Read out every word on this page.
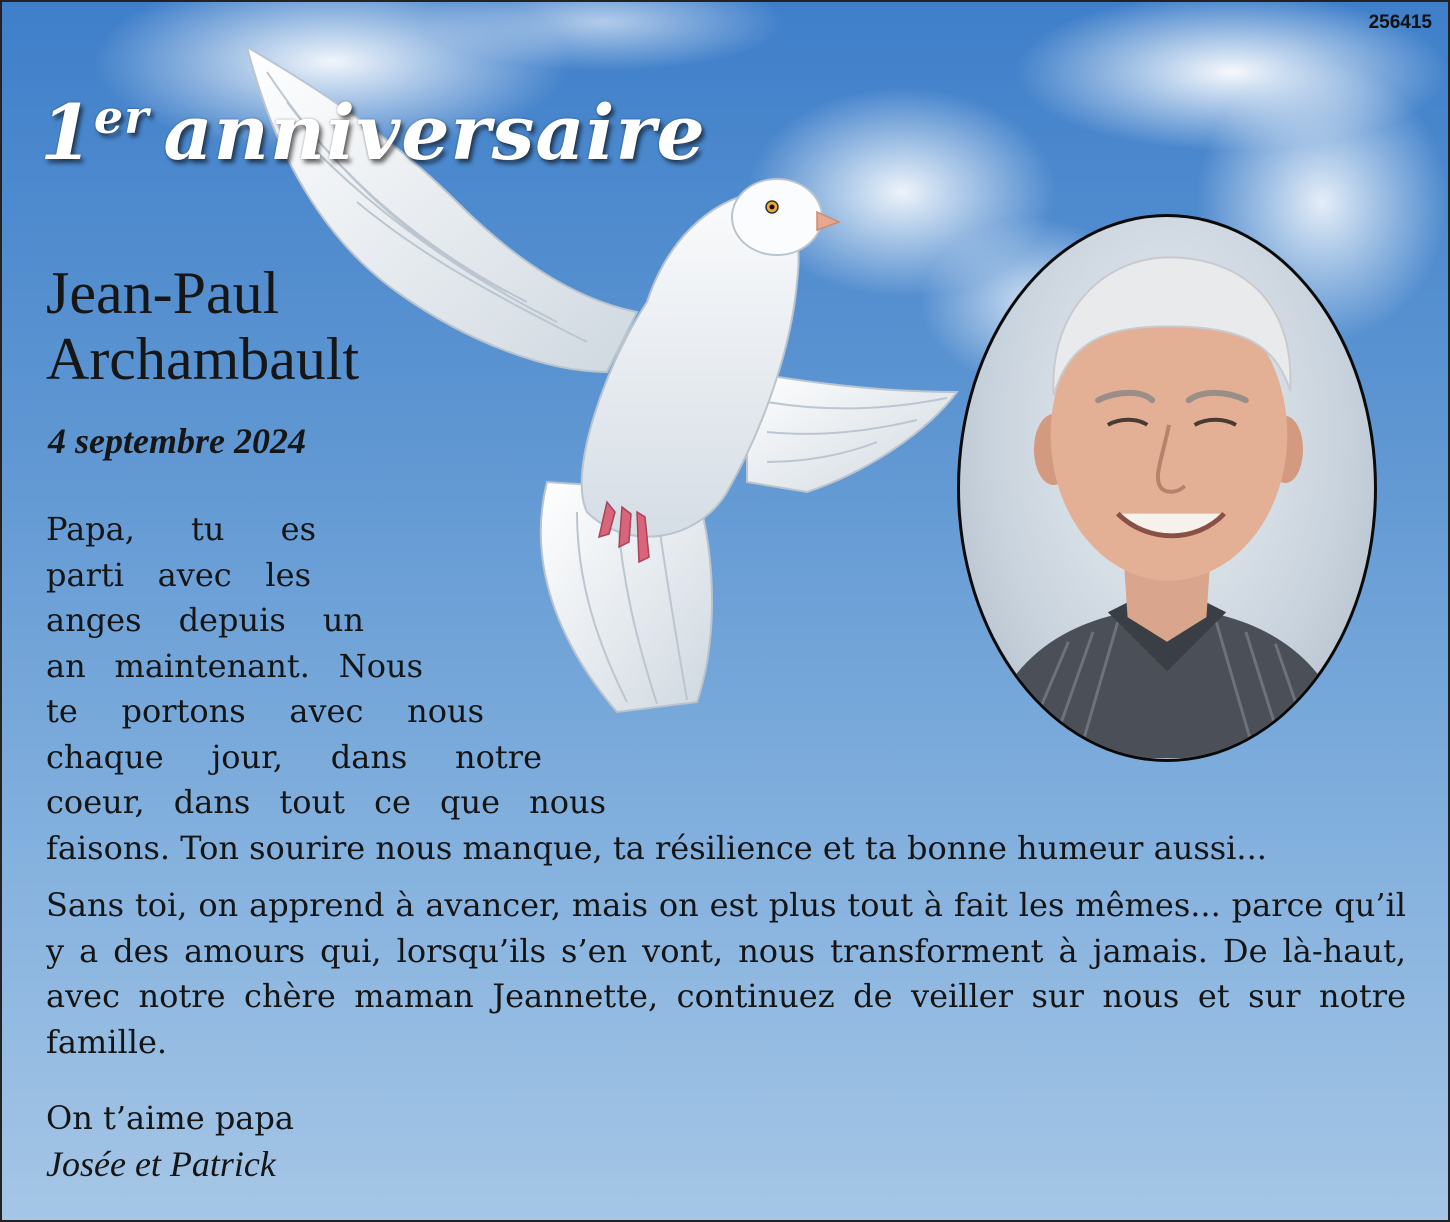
256415
1er anniversaire
Jean-Paul
Archambault
4 septembre 2024
Papa, tu es
parti avec les
anges depuis un
an maintenant. Nous
te portons avec nous
chaque jour, dans notre
coeur, dans tout ce que nous
faisons. Ton sourire nous manque, ta résilience et ta bonne humeur aussi...
Sans toi, on apprend à avancer, mais on est plus tout à fait les mêmes... parce qu’il y a des amours qui, lorsqu’ils s’en vont, nous transforment à jamais. De là-haut, avec notre chère maman Jeannette, continuez de veiller sur nous et sur notre famille.
On t’aime papa
Josée et Patrick
